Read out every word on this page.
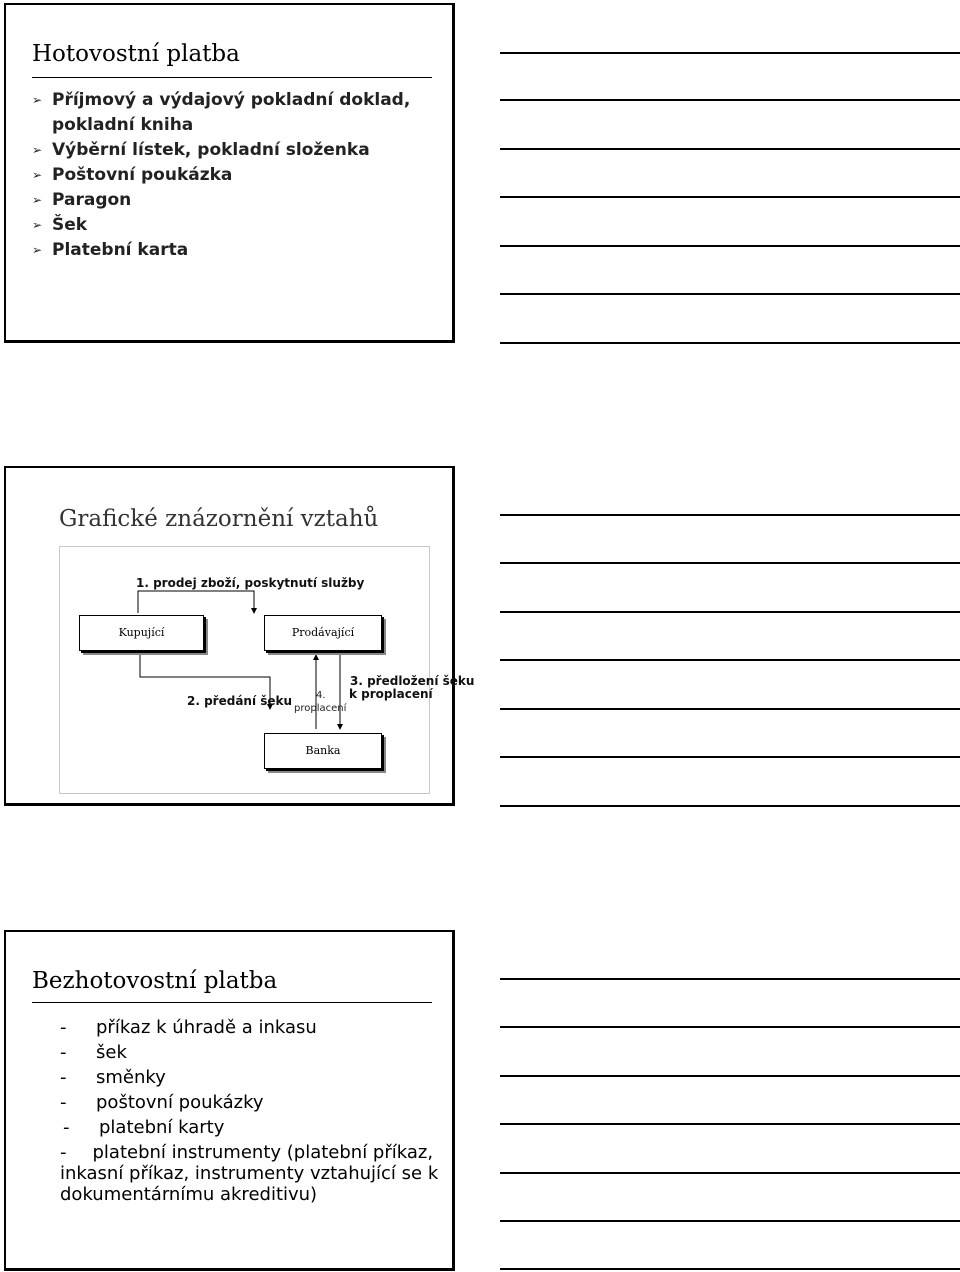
Hotovostní platba
➢ Příjmový a výdajový pokladní doklad, pokladní kniha
➢ Výběrní lístek, pokladní složenka
➢ Poštovní poukázka
➢ Paragon
➢ Šek
➢ Platební karta
Grafické znázornění vztahů
1. prodej zboží, poskytnutí služby
Kupující	Prodávající
2. předání šeku 4.
proplacení
3. předložení šeku
k proplacení
Banka
Bezhotovostní platba
- příkaz k úhradě a inkasu
- šek
- směnky
- poštovní poukázky
- platební karty
- platební instrumenty (platební příkaz, inkasní příkaz, instrumenty vztahující se k dokumentárnímu akreditivu)
